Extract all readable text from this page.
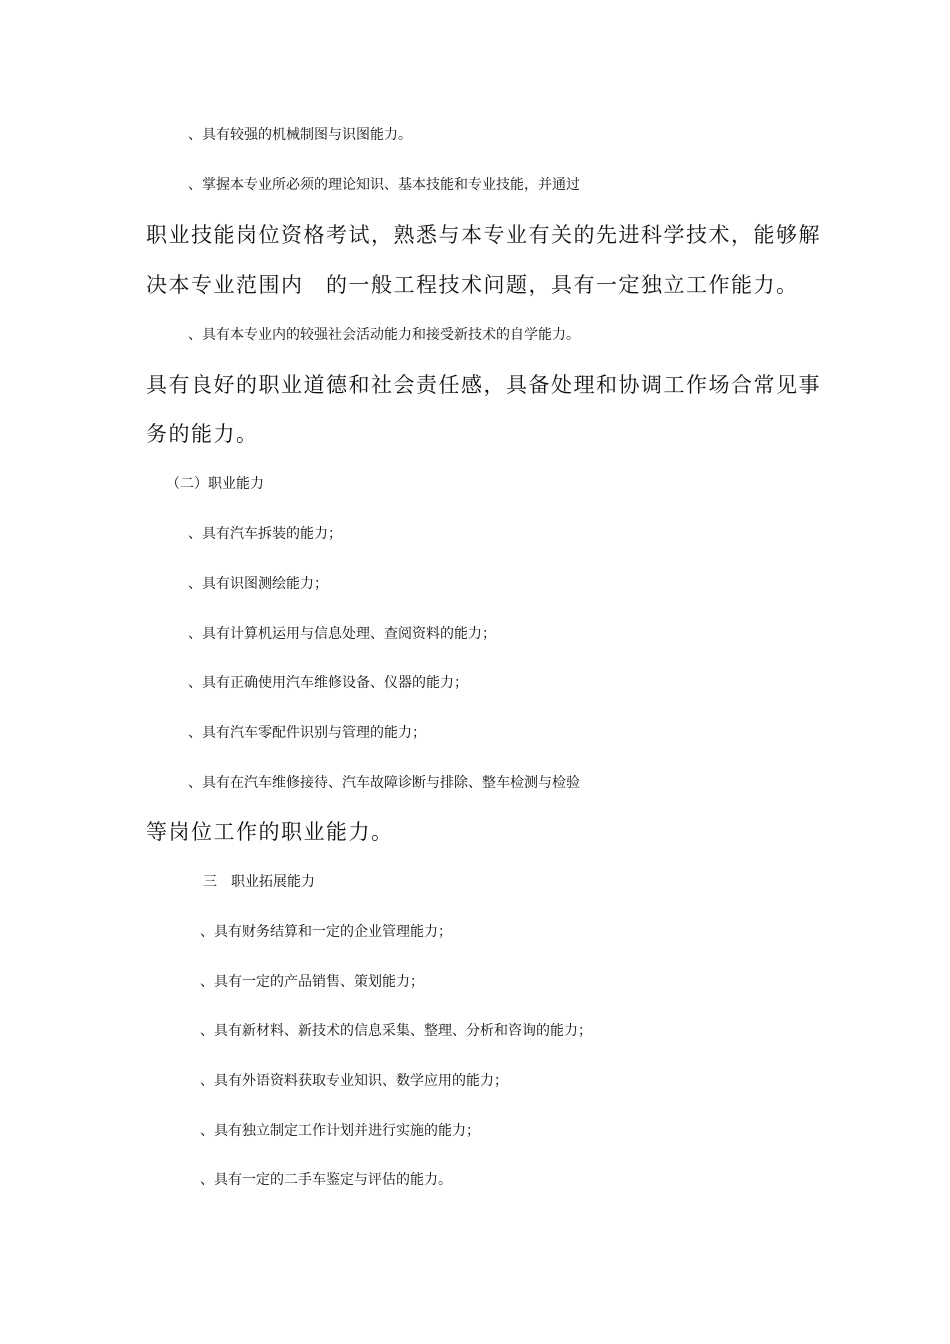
、具有较强的机械制图与识图能力。
、掌握本专业所必须的理论知识、基本技能和专业技能，并通过
职业技能岗位资格考试，熟悉与本专业有关的先进科学技术，能够解
决本专业范围内　的一般工程技术问题，具有一定独立工作能力。
、具有本专业内的较强社会活动能力和接受新技术的自学能力。
具有良好的职业道德和社会责任感，具备处理和协调工作场合常见事
务的能力。
（二）职业能力
、具有汽车拆装的能力；
、具有识图测绘能力；
、具有计算机运用与信息处理、查阅资料的能力；
、具有正确使用汽车维修设备、仪器的能力；
、具有汽车零配件识别与管理的能力；
、具有在汽车维修接待、汽车故障诊断与排除、整车检测与检验
等岗位工作的职业能力。
三　职业拓展能力
、具有财务结算和一定的企业管理能力；
、具有一定的产品销售、策划能力；
、具有新材料、新技术的信息采集、整理、分析和咨询的能力；
、具有外语资料获取专业知识、数学应用的能力；
、具有独立制定工作计划并进行实施的能力；
、具有一定的二手车鉴定与评估的能力。
